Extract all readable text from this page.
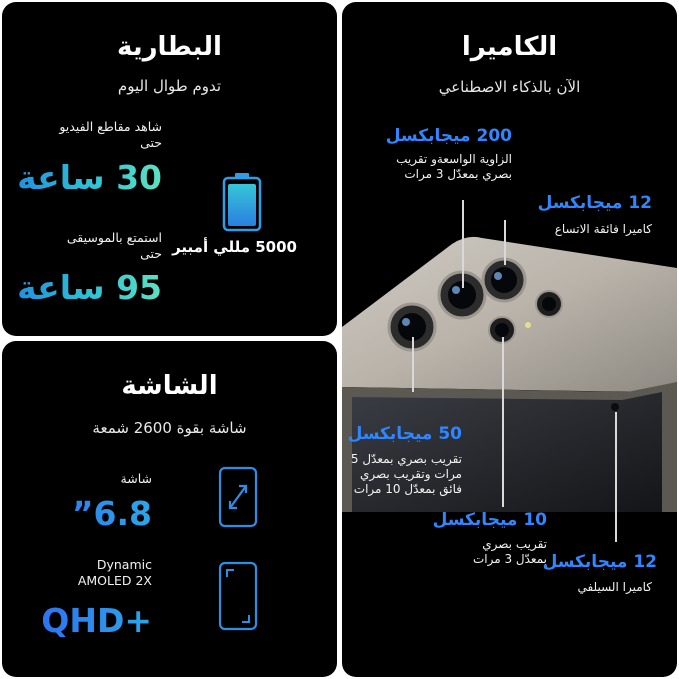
البطارية
تدوم طوال اليوم
شاهد مقاطع الفيديو حتى
30 ساعة
استمتع بالموسيقى حتى
95 ساعة
5000 مللي أمبير
الشاشة
شاشة بقوة 2600 شمعة
شاشة
6.8”
Dynamic
AMOLED 2X
QHD+
الكاميرا
الآن بالذكاء الاصطناعي
200 ميجابكسل
الزاوية الواسعةو تقريب بصري بمعدّل 3 مرات
12 ميجابكسل
كاميرا فائقة الاتساع
50 ميجابكسل
تقريب بصري بمعدّل 5 مرات وتقريب بصري فائق بمعدّل 10 مرات
10 ميجابكسل
تقريب بصري بمعدّل 3 مرات
12 ميجابكسل
كاميرا السيلفي
